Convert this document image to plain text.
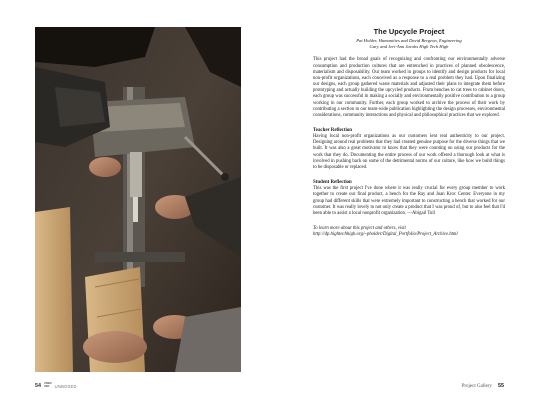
The Upcycle Project
Pat Holder, Humanities and David Bergeon, Engineering
Gary and Jeri-Ann Jacobs High Tech High

This project had the broad goals of recognizing and confronting our environmentally adverse consumption and production cultures that are entrenched in practices of planned obsolescence, materialism and disposability. Our team worked in groups to identify and design products for local non-profit organizations, each conceived as a response to a real problem they had. Upon finalizing our designs, each group gathered waste materials and adjusted their plans to integrate them before prototyping and actually building the upcycled products. From benches to cat trees to cabinet doors, each group was successful in making a socially and environmentally positive contribution to a group working in our community. Further, each group worked to archive the process of their work by contributing a section to our team-wide publication highlighting the design processes, environmental considerations, community interactions and physical and philosophical practices that we explored.

Teacher Reflection

Having local non-profit organizations as our customers lent real authenticity to our project. Designing around real problems that they had created genuine purpose for the diverse things that we built. It was also a great motivator to know that they were counting on using our products for the work that they do. Documenting the entire process of our work offered a thorough look at what is involved in pushing back on some of the detrimental norms of our culture, like how we build things to be disposable or replaced.

Student Reflection

This was the first project I've done where it was really crucial for every group member to work together to create our final product, a bench for the Ray and Joan Kroc Center. Everyone in my group had different skills that were extremely important to constructing a bench that worked for our customer. It was really lovely to not only create a product that I was proud of, but to also feel that I'd been able to assist a local nonprofit organization. —Abigail Tull

To learn more about this project and others, visit http://dp.hightechhigh.org/~pholder/Digital_Portfolio/Project_Archive.html

54 UNBO
XED	UNBOXED	Project Gallery 55
